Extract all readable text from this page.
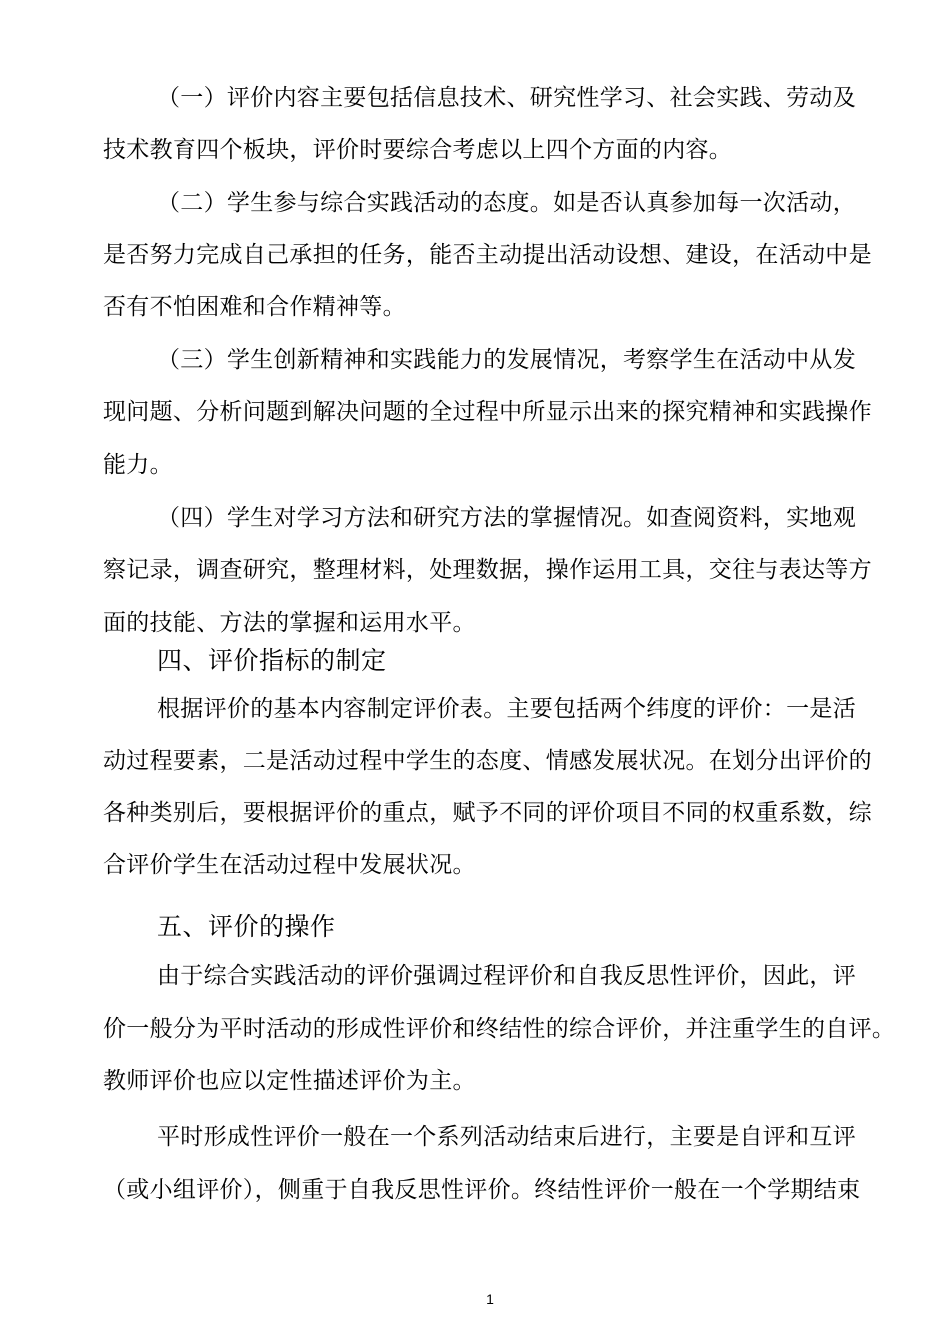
（一）评价内容主要包括信息技术、研究性学习、社会实践、劳动及
技术教育四个板块，评价时要综合考虑以上四个方面的内容。
（二）学生参与综合实践活动的态度。如是否认真参加每一次活动，
是否努力完成自己承担的任务，能否主动提出活动设想、建设，在活动中是
否有不怕困难和合作精神等。
（三）学生创新精神和实践能力的发展情况，考察学生在活动中从发
现问题、分析问题到解决问题的全过程中所显示出来的探究精神和实践操作
能力。
（四）学生对学习方法和研究方法的掌握情况。如查阅资料，实地观
察记录，调查研究，整理材料，处理数据，操作运用工具，交往与表达等方
面的技能、方法的掌握和运用水平。
四、评价指标的制定
根据评价的基本内容制定评价表。主要包括两个纬度的评价：一是活
动过程要素，二是活动过程中学生的态度、情感发展状况。在划分出评价的
各种类别后，要根据评价的重点，赋予不同的评价项目不同的权重系数，综
合评价学生在活动过程中发展状况。
五、评价的操作
由于综合实践活动的评价强调过程评价和自我反思性评价，因此，评
价一般分为平时活动的形成性评价和终结性的综合评价，并注重学生的自评。
教师评价也应以定性描述评价为主。
平时形成性评价一般在一个系列活动结束后进行，主要是自评和互评
（或小组评价），侧重于自我反思性评价。终结性评价一般在一个学期结束
1
